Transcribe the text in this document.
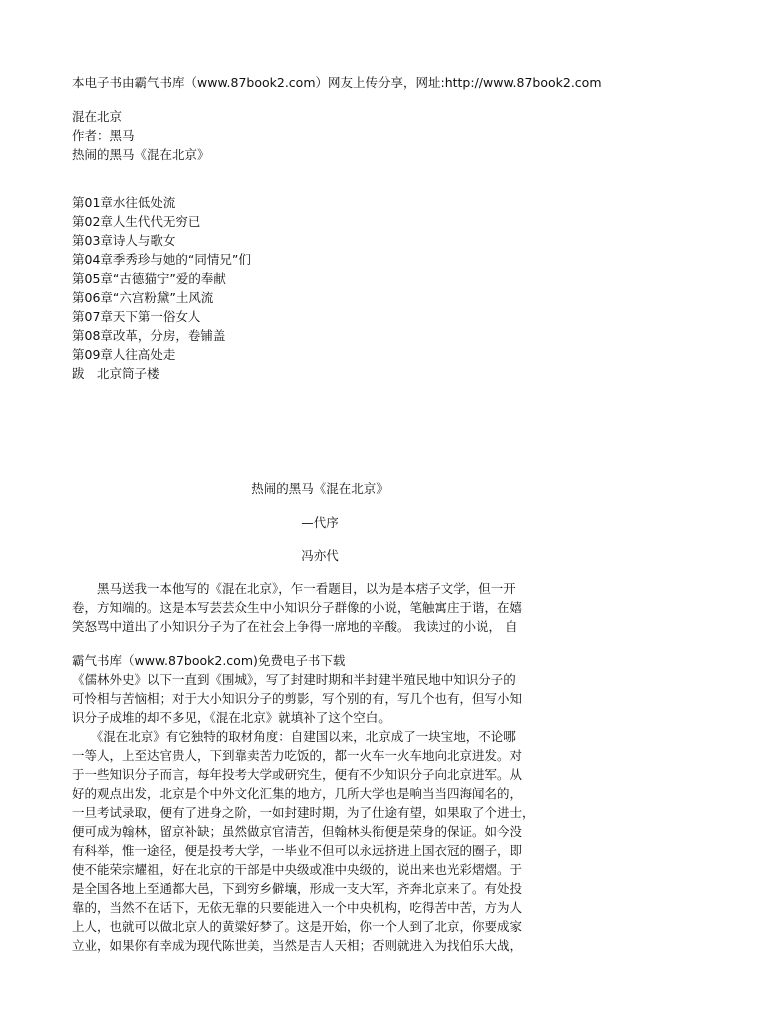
本电子书由霸气书库（www.87book2.com）网友上传分享，网址:http://www.87book2.com
混在北京
作者：黑马
热闹的黑马《混在北京》
第01章水往低处流
第02章人生代代无穷已
第03章诗人与歌女
第04章季秀珍与她的“同情兄”们
第05章“古德猫宁”爱的奉献
第06章“六宫粉黛”土风流
第07章天下第一俗女人
第08章改革，分房，卷铺盖
第09章人往高处走
跋　北京筒子楼
热闹的黑马《混在北京》
—代序
冯亦代
　　黑马送我一本他写的《混在北京》，乍一看题目，以为是本痞子文学，但一开
卷，方知端的。这是本写芸芸众生中小知识分子群像的小说，笔触寓庄于谐，在嬉
笑怒骂中道出了小知识分子为了在社会上争得一席地的辛酸。 我读过的小说， 自
霸气书库（www.87book2.com)免费电子书下载
《儒林外史》以下一直到《围城》，写了封建时期和半封建半殖民地中知识分子的
可怜相与苦恼相；对于大小知识分子的剪影，写个别的有，写几个也有，但写小知
识分子成堆的却不多见，《混在北京》就填补了这个空白。
　　《混在北京》有它独特的取材角度：自建国以来，北京成了一块宝地，不论哪
一等人，上至达官贵人，下到靠卖苦力吃饭的，都一火车一火车地向北京进发。对
于一些知识分子而言，每年投考大学或研究生，便有不少知识分子向北京进军。从
好的观点出发，北京是个中外文化汇集的地方，几所大学也是响当当四海闻名的，
一旦考试录取，便有了进身之阶，一如封建时期，为了仕途有望，如果取了个进士，
便可成为翰林，留京补缺；虽然做京官清苦，但翰林头衔便是荣身的保证。如今没
有科举，惟一途径，便是投考大学，一毕业不但可以永远挤进上国衣冠的圈子，即
使不能荣宗耀祖，好在北京的干部是中央级或准中央级的，说出来也光彩熠熠。于
是全国各地上至通都大邑，下到穷乡僻壤，形成一支大军，齐奔北京来了。有处投
靠的，当然不在话下，无依无靠的只要能进入一个中央机构，吃得苦中苦，方为人
上人，也就可以做北京人的黄粱好梦了。这是开始，你一个人到了北京，你要成家
立业，如果你有幸成为现代陈世美，当然是吉人天相；否则就进入为找伯乐大战，
